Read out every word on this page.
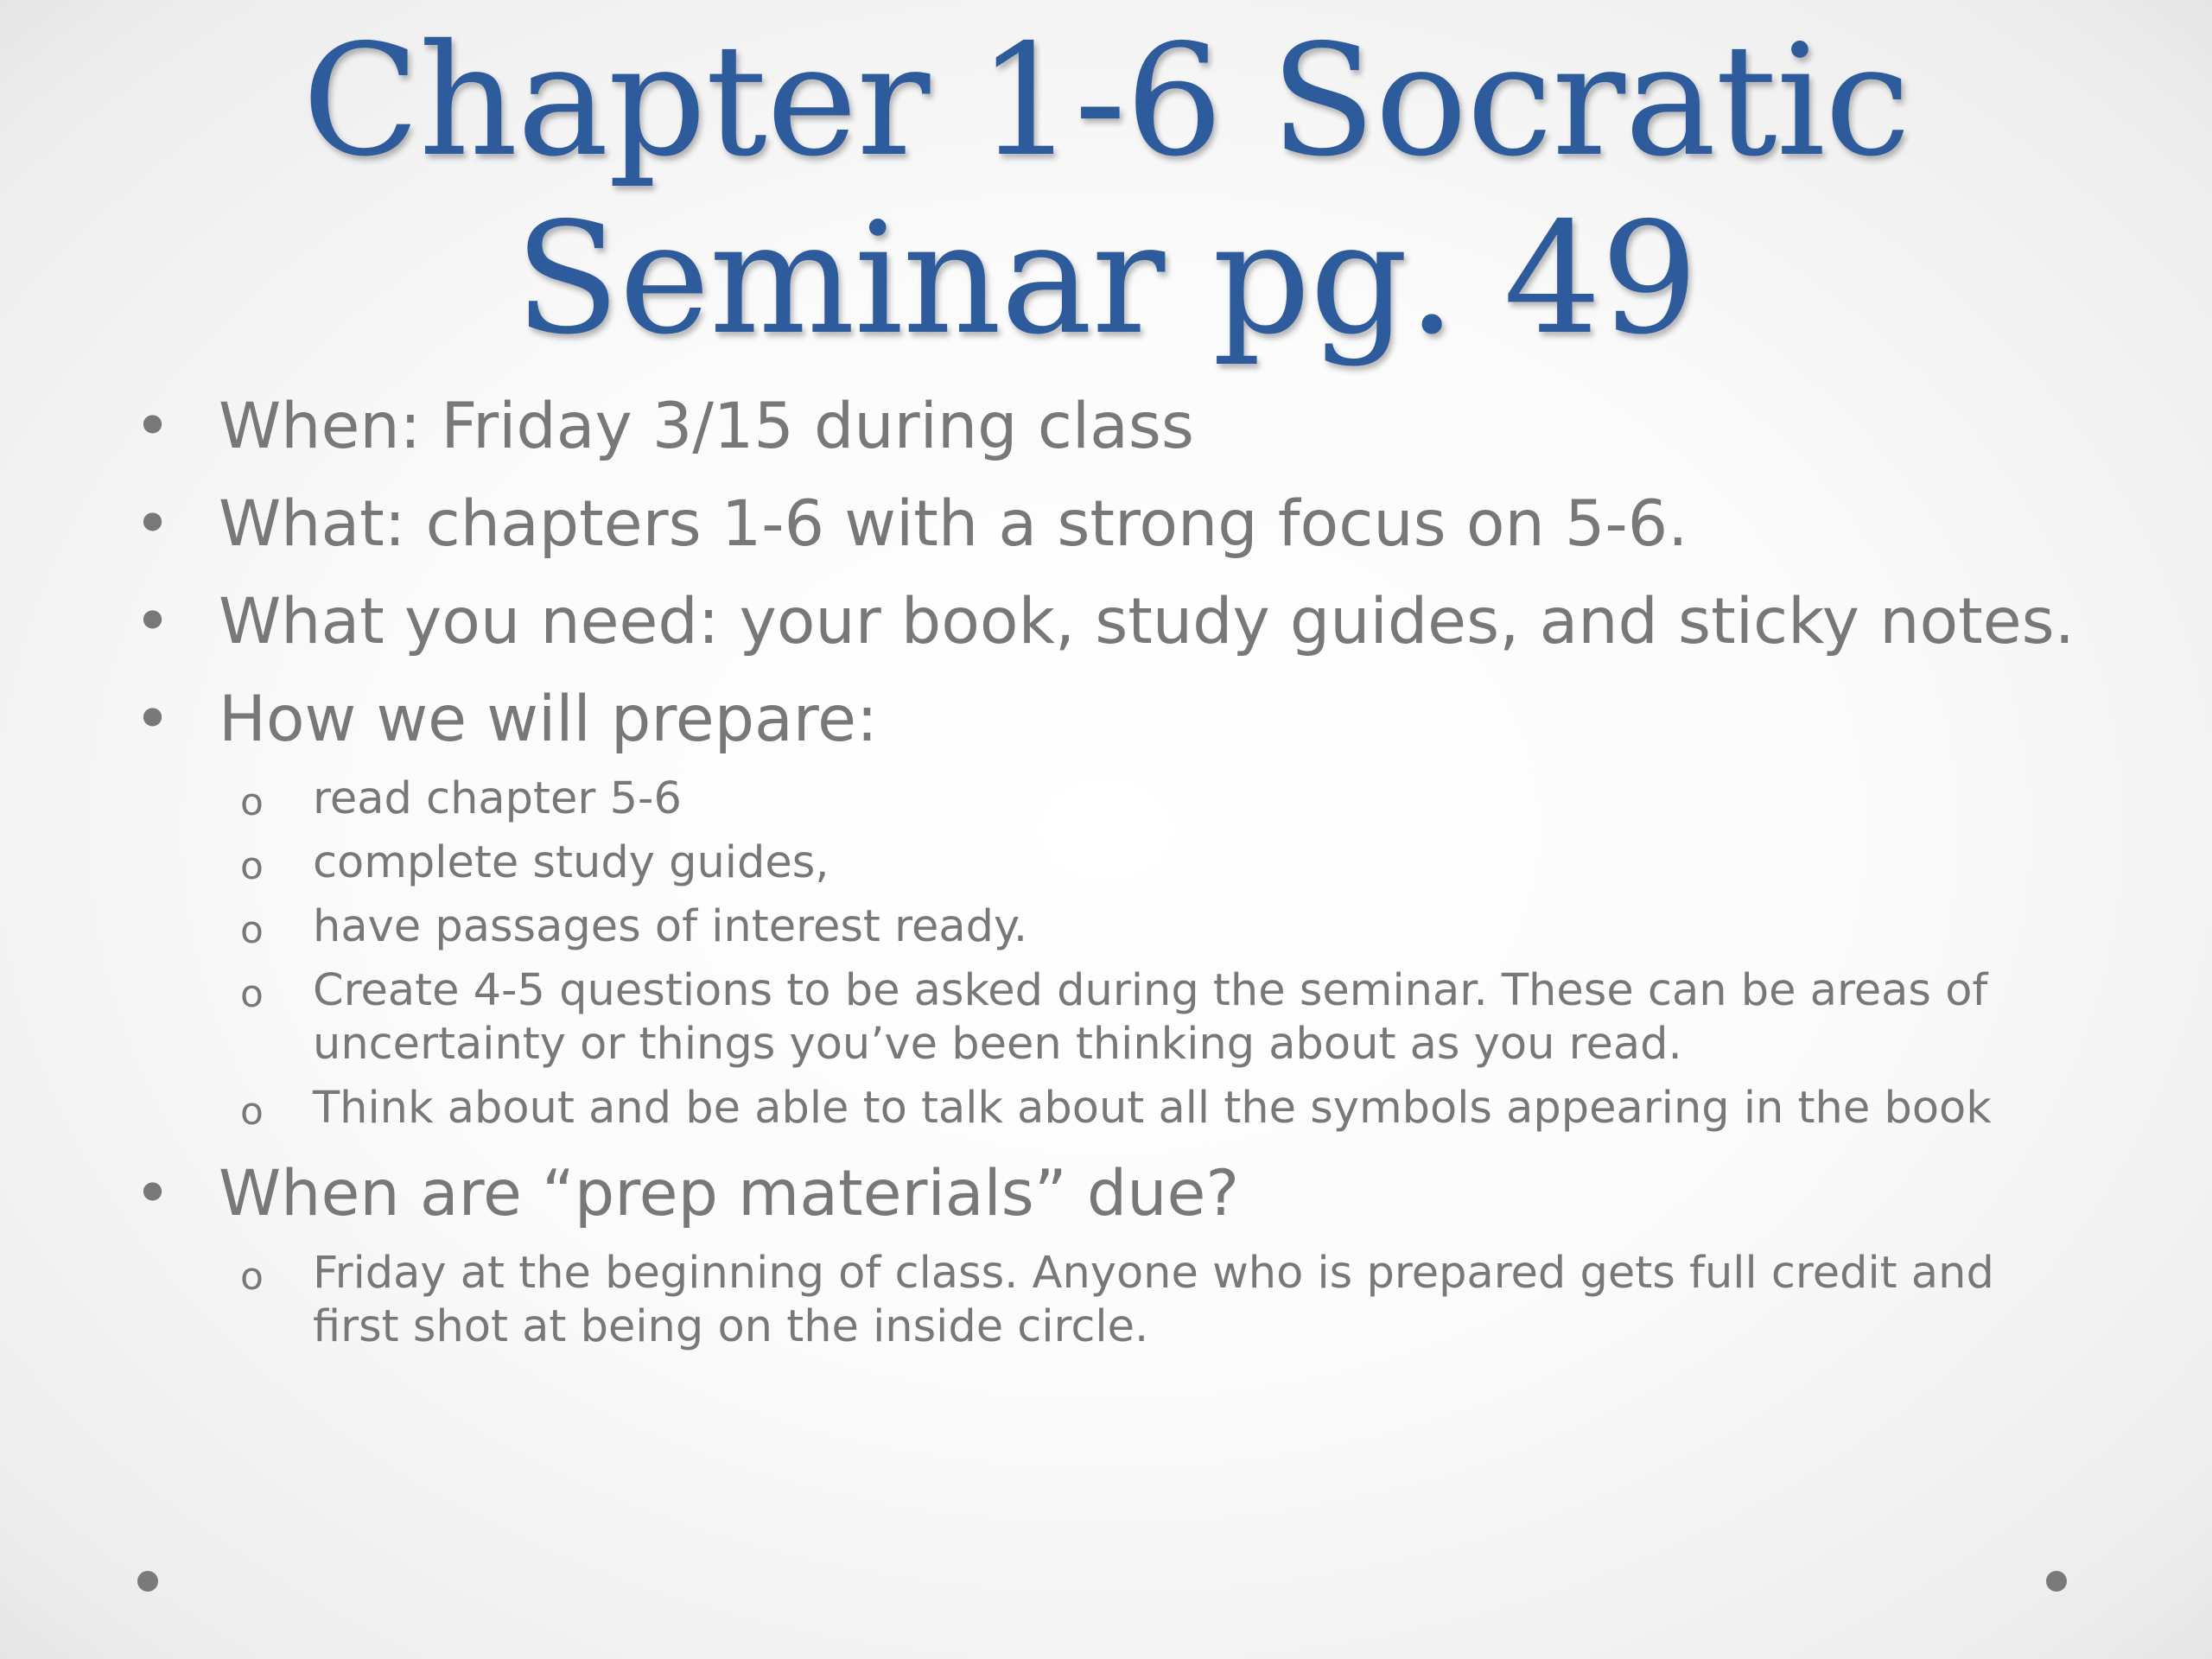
Chapter 1-6 Socratic
Seminar pg. 49
• When: Friday 3/15 during class
• What: chapters 1-6 with a strong focus on 5-6.
• What you need: your book, study guides, and sticky notes.
• How we will prepare:
o read chapter 5-6
o complete study guides,
o have passages of interest ready.
o Create 4-5 questions to be asked during the seminar. These can be areas of uncertainty or things you’ve been thinking about as you read.
o Think about and be able to talk about all the symbols appearing in the book
• When are “prep materials” due?
o Friday at the beginning of class. Anyone who is prepared gets full credit and first shot at being on the inside circle.
